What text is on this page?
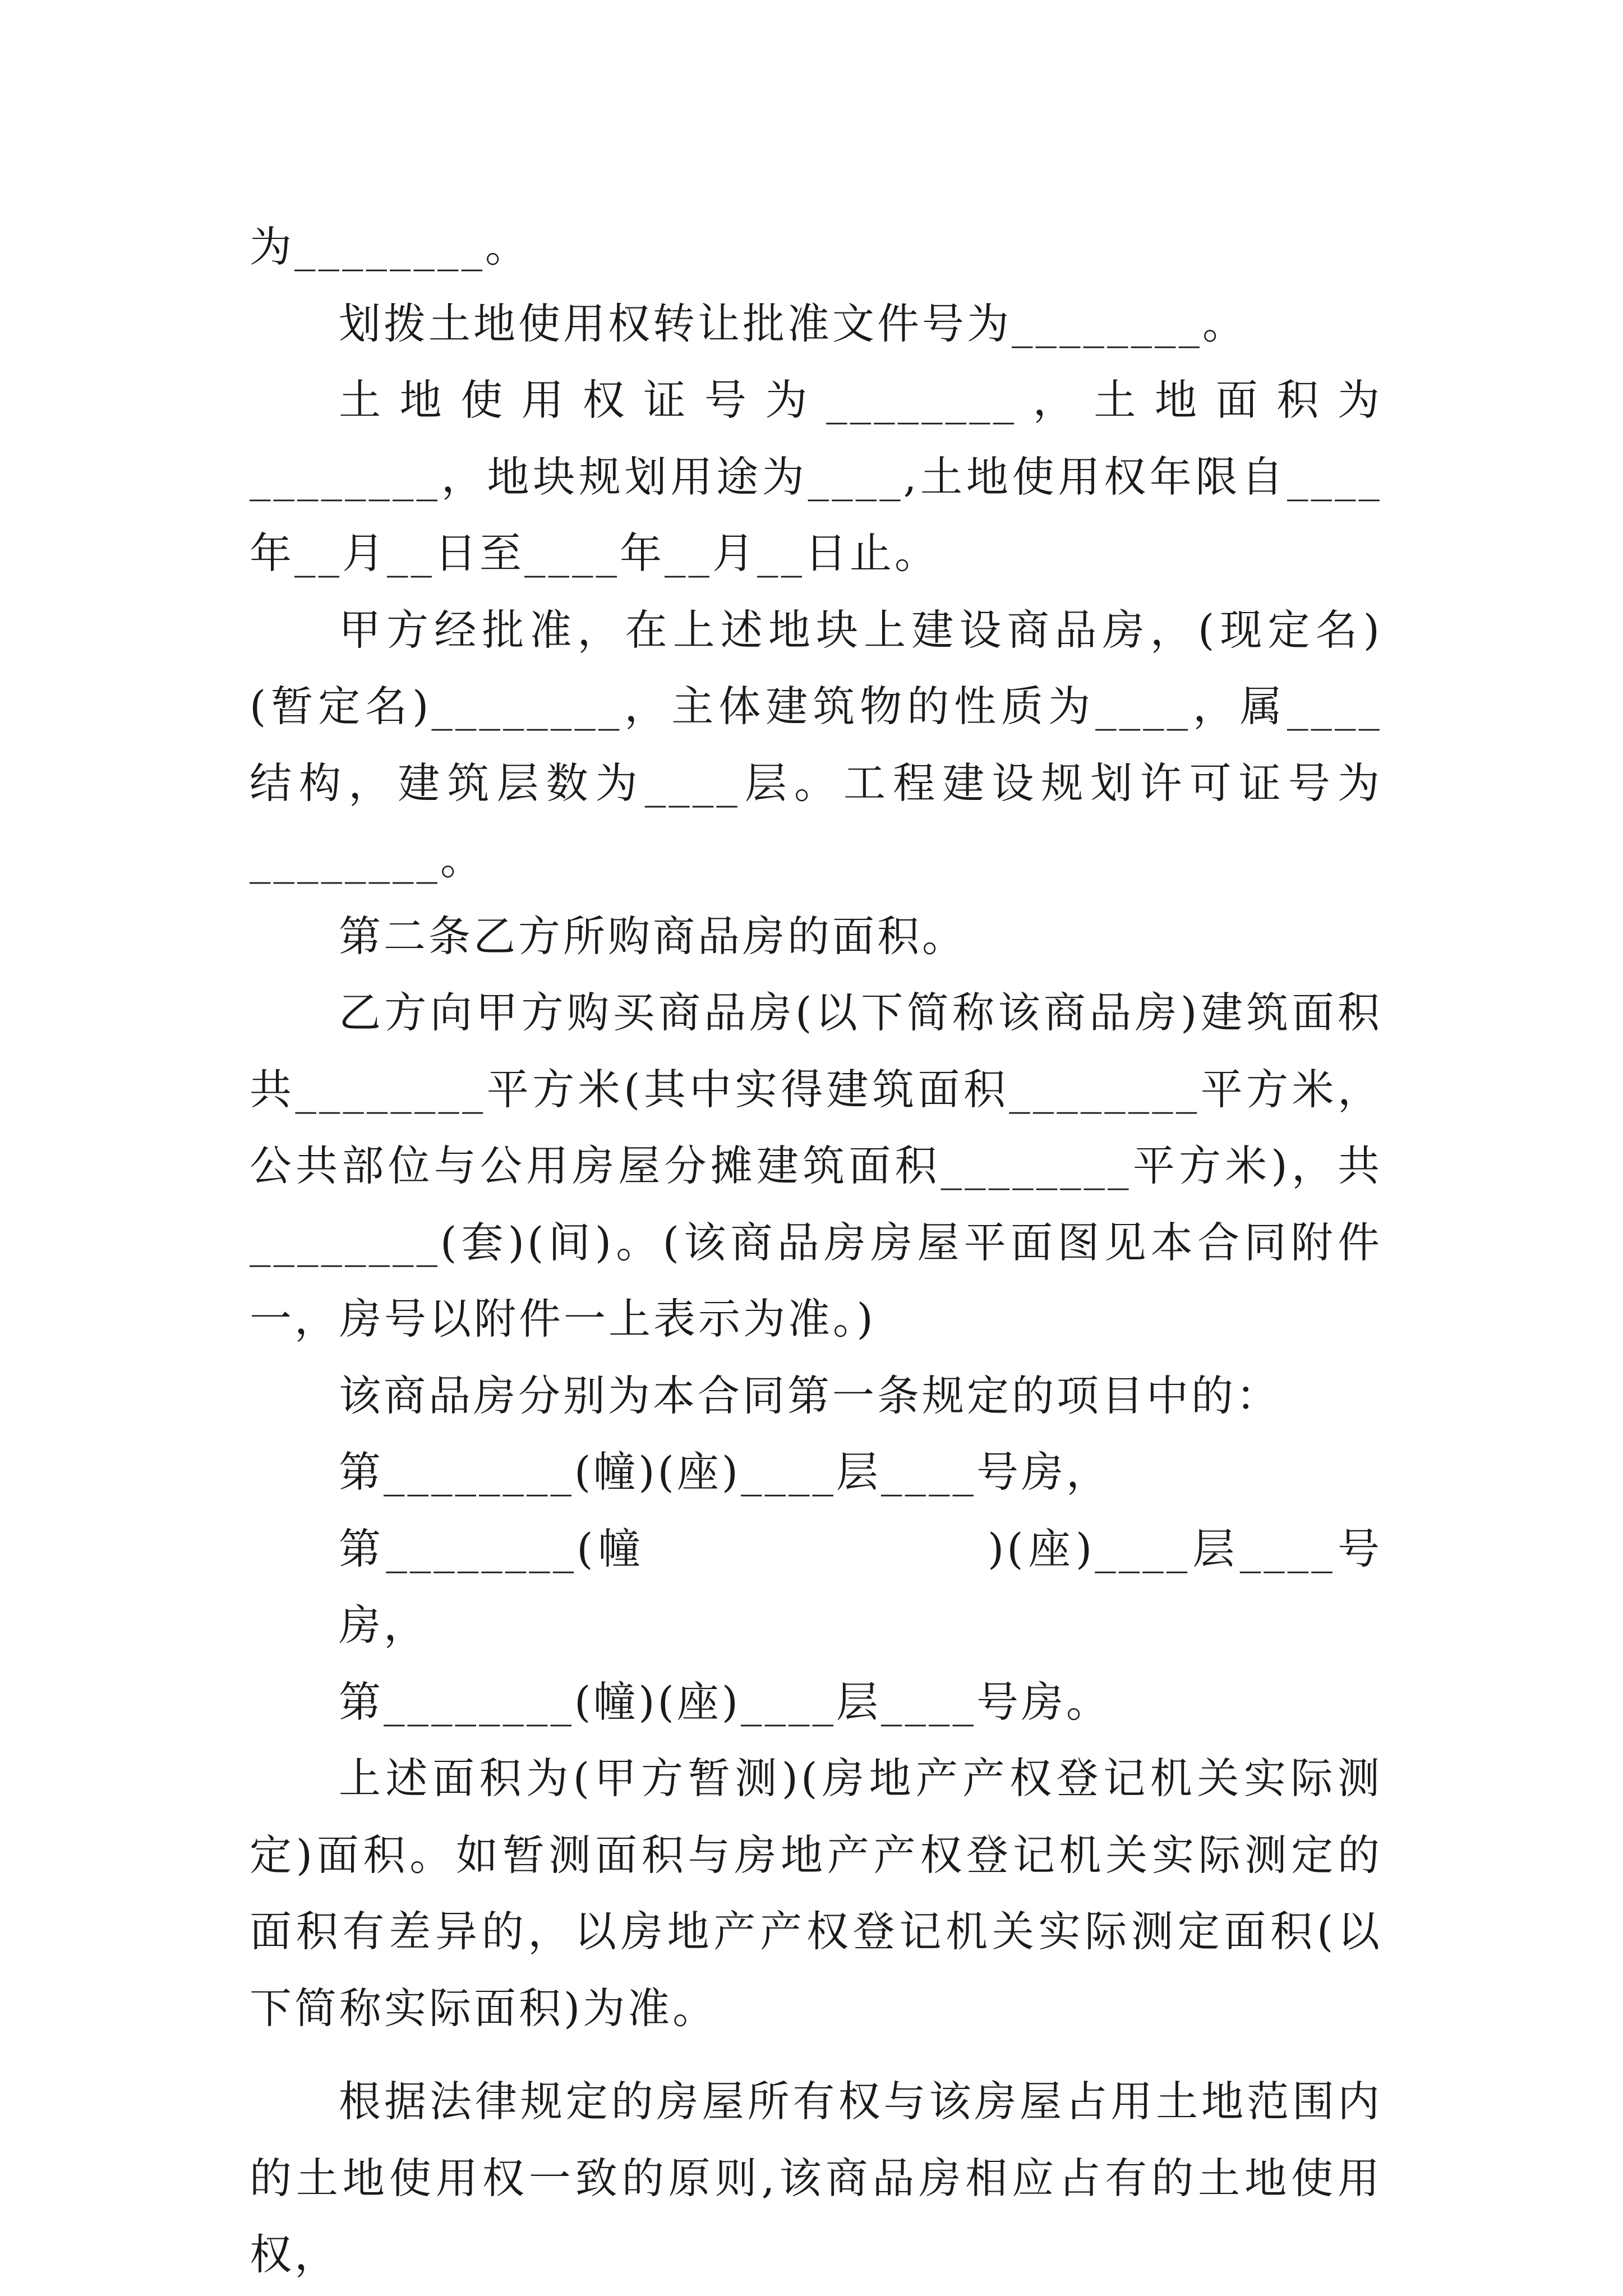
为________。

划拨土地使用权转让批准文件号为________。

土地使用权证号为________，土地面积为________，地块规划用途为____,土地使用权年限自____年__月__日至____年__月__日止。

甲方经批准，在上述地块上建设商品房，(现定名)(暂定名)________，主体建筑物的性质为____，属____结构，建筑层数为____层。工程建设规划许可证号为________。

第二条乙方所购商品房的面积。

乙方向甲方购买商品房(以下简称该商品房)建筑面积共________平方米(其中实得建筑面积________平方米，公共部位与公用房屋分摊建筑面积________平方米)，共________(套)(间)。(该商品房房屋平面图见本合同附件一，房号以附件一上表示为准。)

该商品房分别为本合同第一条规定的项目中的：

第________(幢)(座)____层____号房，

第________(幢	)(座)____层____号房，

第________(幢)(座)____层____号房。

上述面积为(甲方暂测)(房地产产权登记机关实际测定)面积。如暂测面积与房地产产权登记机关实际测定的面积有差异的，以房地产产权登记机关实际测定面积(以下简称实际面积)为准。

根据法律规定的房屋所有权与该房屋占用土地范围内的土地使用权一致的原则,该商品房相应占有的土地使用权，
